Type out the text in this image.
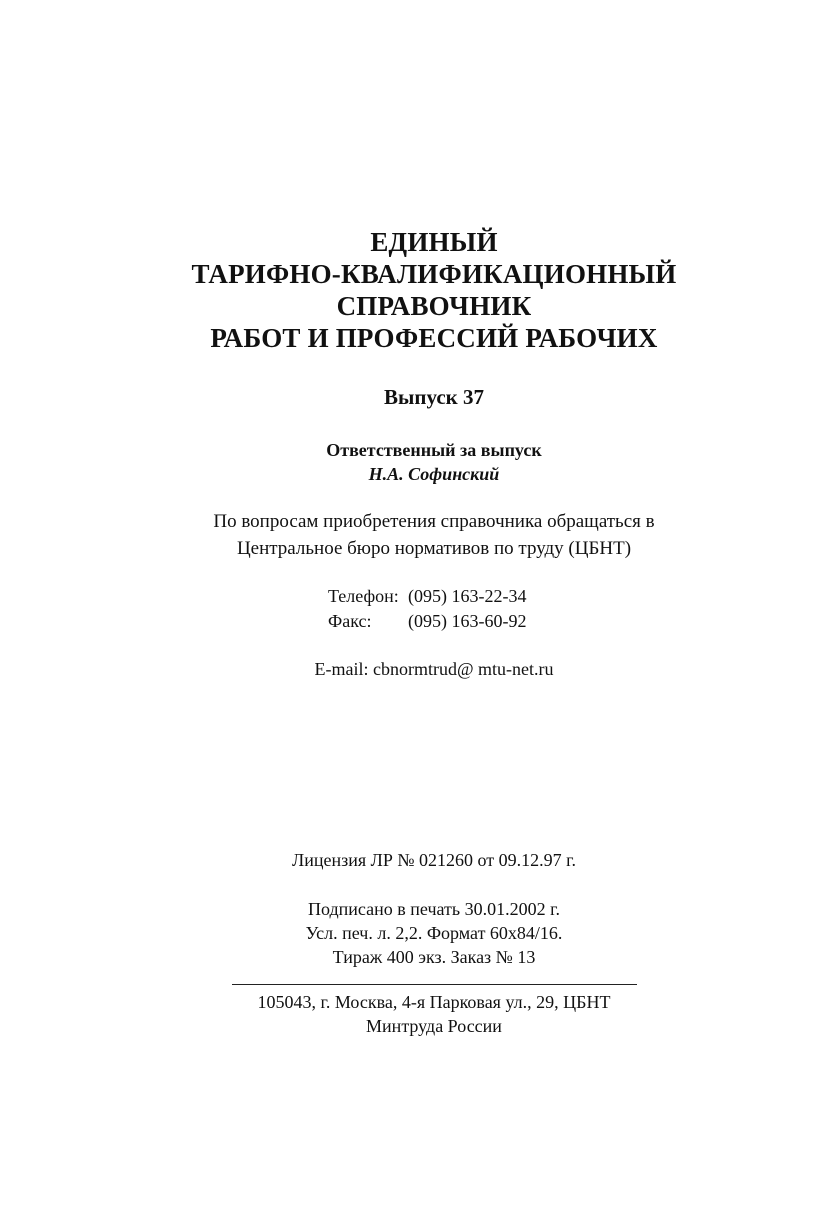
ЕДИНЫЙ
ТАРИФНО-КВАЛИФИКАЦИОННЫЙ
СПРАВОЧНИК
РАБОТ И ПРОФЕССИЙ РАБОЧИХ
Выпуск 37
Ответственный за выпуск
Н.А. Софинский
По вопросам приобретения справочника обращаться в
Центральное бюро нормативов по труду (ЦБНТ)
Телефон: (095) 163-22-34
Факс:	(095) 163-60-92
E-mail: cbnormtrud@ mtu-net.ru
Лицензия ЛР № 021260 от 09.12.97 г.
Подписано в печать 30.01.2002 г.
Усл. печ. л. 2,2. Формат 60х84/16.
Тираж 400 экз. Заказ № 13
105043, г. Москва, 4-я Парковая ул., 29, ЦБНТ
Минтруда России
